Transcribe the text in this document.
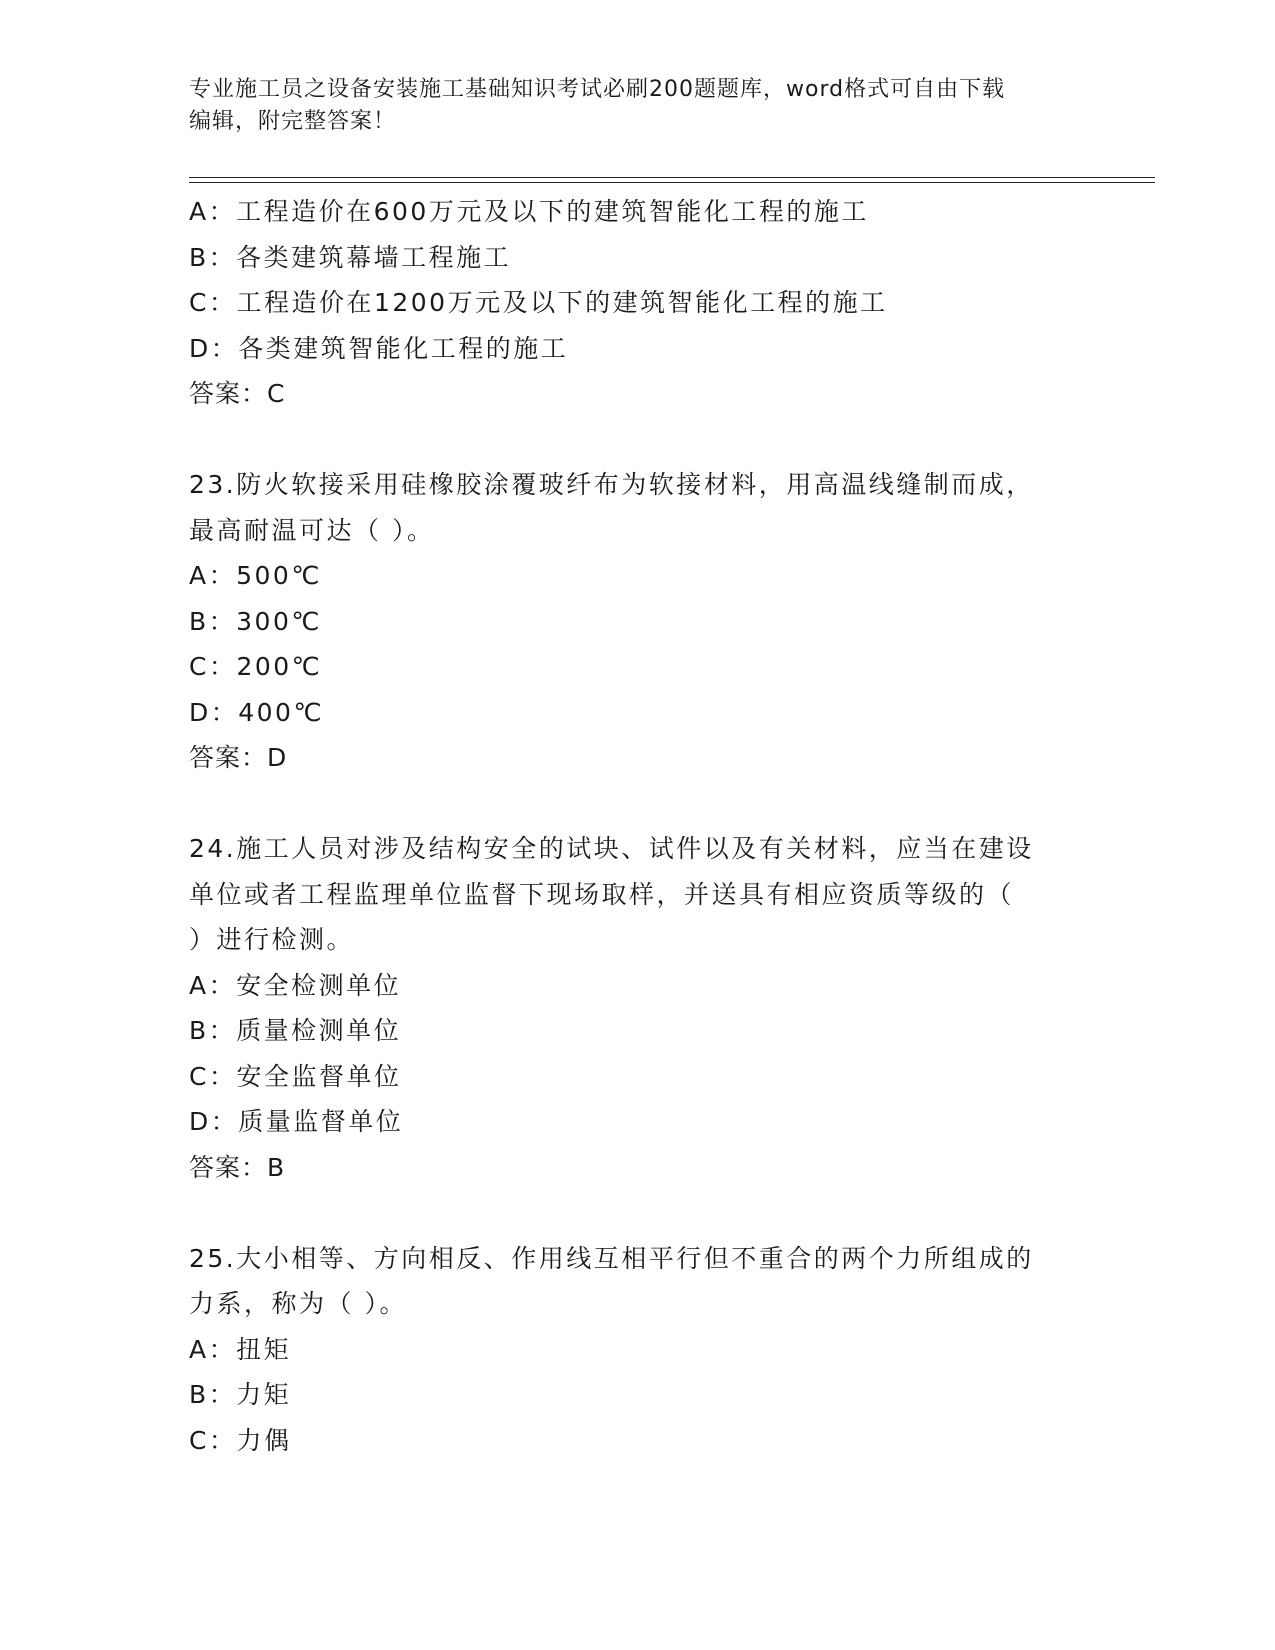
专业施工员之设备安装施工基础知识考试必刷200题题库，word格式可自由下载
编辑，附完整答案！
A：工程造价在600万元及以下的建筑智能化工程的施工
B：各类建筑幕墙工程施工
C：工程造价在1200万元及以下的建筑智能化工程的施工
D：各类建筑智能化工程的施工
答案：C
23.防火软接采用硅橡胶涂覆玻纤布为软接材料，用高温线缝制而成，
最高耐温可达（ ）。
A：500℃
B：300℃
C：200℃
D：400℃
答案：D
24.施工人员对涉及结构安全的试块、试件以及有关材料，应当在建设
单位或者工程监理单位监督下现场取样，并送具有相应资质等级的（
）进行检测。
A：安全检测单位
B：质量检测单位
C：安全监督单位
D：质量监督单位
答案：B
25.大小相等、方向相反、作用线互相平行但不重合的两个力所组成的
力系，称为（ ）。
A：扭矩
B：力矩
C：力偶
